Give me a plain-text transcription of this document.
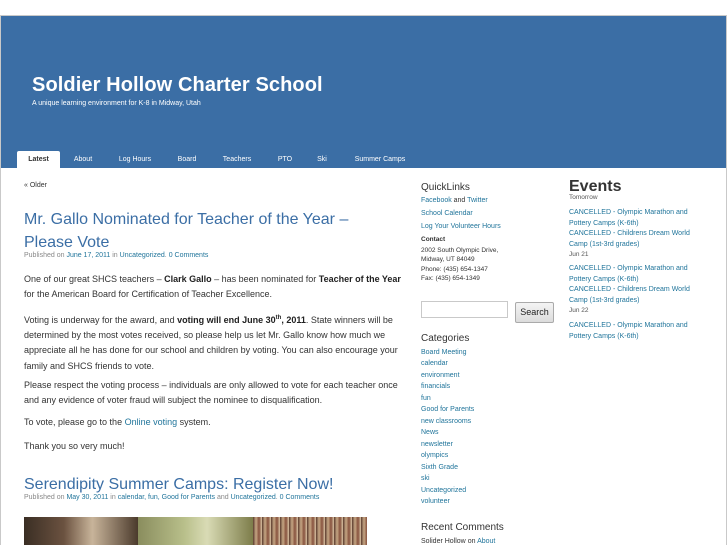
Soldier Hollow Charter School
A unique learning environment for K-8 in Midway, Utah
Latest	About	Log Hours	Board	Teachers	PTO	Ski	Summer Camps
« Older
Mr. Gallo Nominated for Teacher of the Year – Please Vote
Published on June 17, 2011 in Uncategorized. 0 Comments

One of our great SHCS teachers – Clark Gallo – has been nominated for Teacher of the Year for the American Board for Certification of Teacher Excellence.

Voting is underway for the award, and voting will end June 30th, 2011. State winners will be determined by the most votes received, so please help us let Mr. Gallo know how much we appreciate all he has done for our school and children by voting. You can also encourage your family and SHCS friends to vote.

Please respect the voting process – individuals are only allowed to vote for each teacher once and any evidence of voter fraud will subject the nominee to disqualification.

To vote, please go to the Online voting system.

Thank you so very much!

Serendipity Summer Camps: Register Now!
Published on May 30, 2011 in calendar, fun, Good for Parents and Uncategorized. 0 Comments
QuickLinks
Facebook and Twitter
School Calendar
Log Your Volunteer Hours
Contact
2002 South Olympic Drive,
Midway, UT 84049
Phone: (435) 654-1347
Fax: (435) 654-1349
Search
Categories
Board Meeting
calendar
environment
financials
fun
Good for Parents
new classrooms
News
newsletter
olympics
Sixth Grade
ski
Uncategorized
volunteer
Recent Comments
Solider Hollow on About
Events
Tomorrow
CANCELLED - Olympic Marathon and Pottery Camps (K-6th)
CANCELLED - Childrens Dream World Camp (1st-3rd grades)
Jun 21
CANCELLED - Olympic Marathon and Pottery Camps (K-6th)
CANCELLED - Childrens Dream World Camp (1st-3rd grades)
Jun 22
CANCELLED - Olympic Marathon and Pottery Camps (K-6th)
